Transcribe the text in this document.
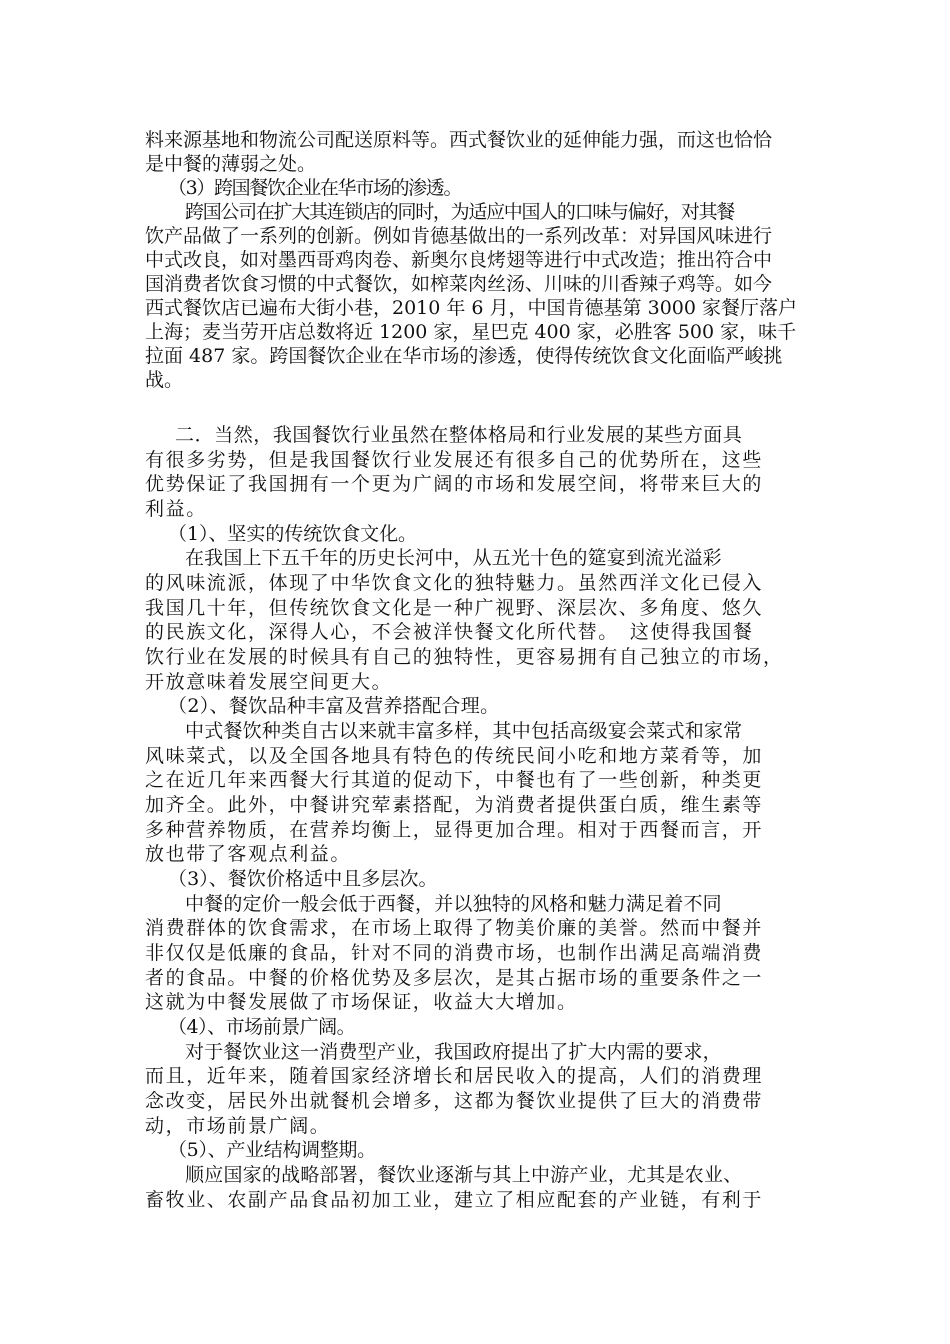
料来源基地和物流公司配送原料等。西式餐饮业的延伸能力强，而这也恰恰
是中餐的薄弱之处。
（3）跨国餐饮企业在华市场的渗透。
跨国公司在扩大其连锁店的同时，为适应中国人的口味与偏好，对其餐
饮产品做了一系列的创新。例如肯德基做出的一系列改革：对异国风味进行
中式改良，如对墨西哥鸡肉卷、新奥尔良烤翅等进行中式改造；推出符合中
国消费者饮食习惯的中式餐饮，如榨菜肉丝汤、川味的川香辣子鸡等。如今
西式餐饮店已遍布大街小巷，2010 年 6 月，中国肯德基第 3000 家餐厅落户
上海；麦当劳开店总数将近 1200 家，星巴克 400 家，必胜客 500 家，味千
拉面 487 家。跨国餐饮企业在华市场的渗透，使得传统饮食文化面临严峻挑
战。
二．当然，我国餐饮行业虽然在整体格局和行业发展的某些方面具
有很多劣势，但是我国餐饮行业发展还有很多自己的优势所在，这些
优势保证了我国拥有一个更为广阔的市场和发展空间，将带来巨大的
利益。
（1）、坚实的传统饮食文化。
在我国上下五千年的历史长河中，从五光十色的筵宴到流光溢彩
的风味流派，体现了中华饮食文化的独特魅力。虽然西洋文化已侵入
我国几十年，但传统饮食文化是一种广视野、深层次、多角度、悠久
的民族文化，深得人心，不会被洋快餐文化所代替。　这使得我国餐
饮行业在发展的时候具有自己的独特性，更容易拥有自己独立的市场，
开放意味着发展空间更大。
（2）、餐饮品种丰富及营养搭配合理。
中式餐饮种类自古以来就丰富多样，其中包括高级宴会菜式和家常
风味菜式，以及全国各地具有特色的传统民间小吃和地方菜肴等，加
之在近几年来西餐大行其道的促动下，中餐也有了一些创新，种类更
加齐全。此外，中餐讲究荤素搭配，为消费者提供蛋白质，维生素等
多种营养物质，在营养均衡上，显得更加合理。相对于西餐而言，开
放也带了客观点利益。
（3）、餐饮价格适中且多层次。
中餐的定价一般会低于西餐，并以独特的风格和魅力满足着不同
消费群体的饮食需求，在市场上取得了物美价廉的美誉。然而中餐并
非仅仅是低廉的食品，针对不同的消费市场，也制作出满足高端消费
者的食品。中餐的价格优势及多层次，是其占据市场的重要条件之一
这就为中餐发展做了市场保证，收益大大增加。
（4）、市场前景广阔。
对于餐饮业这一消费型产业，我国政府提出了扩大内需的要求，
而且，近年来，随着国家经济增长和居民收入的提高，人们的消费理
念改变，居民外出就餐机会增多，这都为餐饮业提供了巨大的消费带
动，市场前景广阔。
（5）、产业结构调整期。
顺应国家的战略部署，餐饮业逐渐与其上中游产业，尤其是农业、
畜牧业、农副产品食品初加工业，建立了相应配套的产业链，有利于
